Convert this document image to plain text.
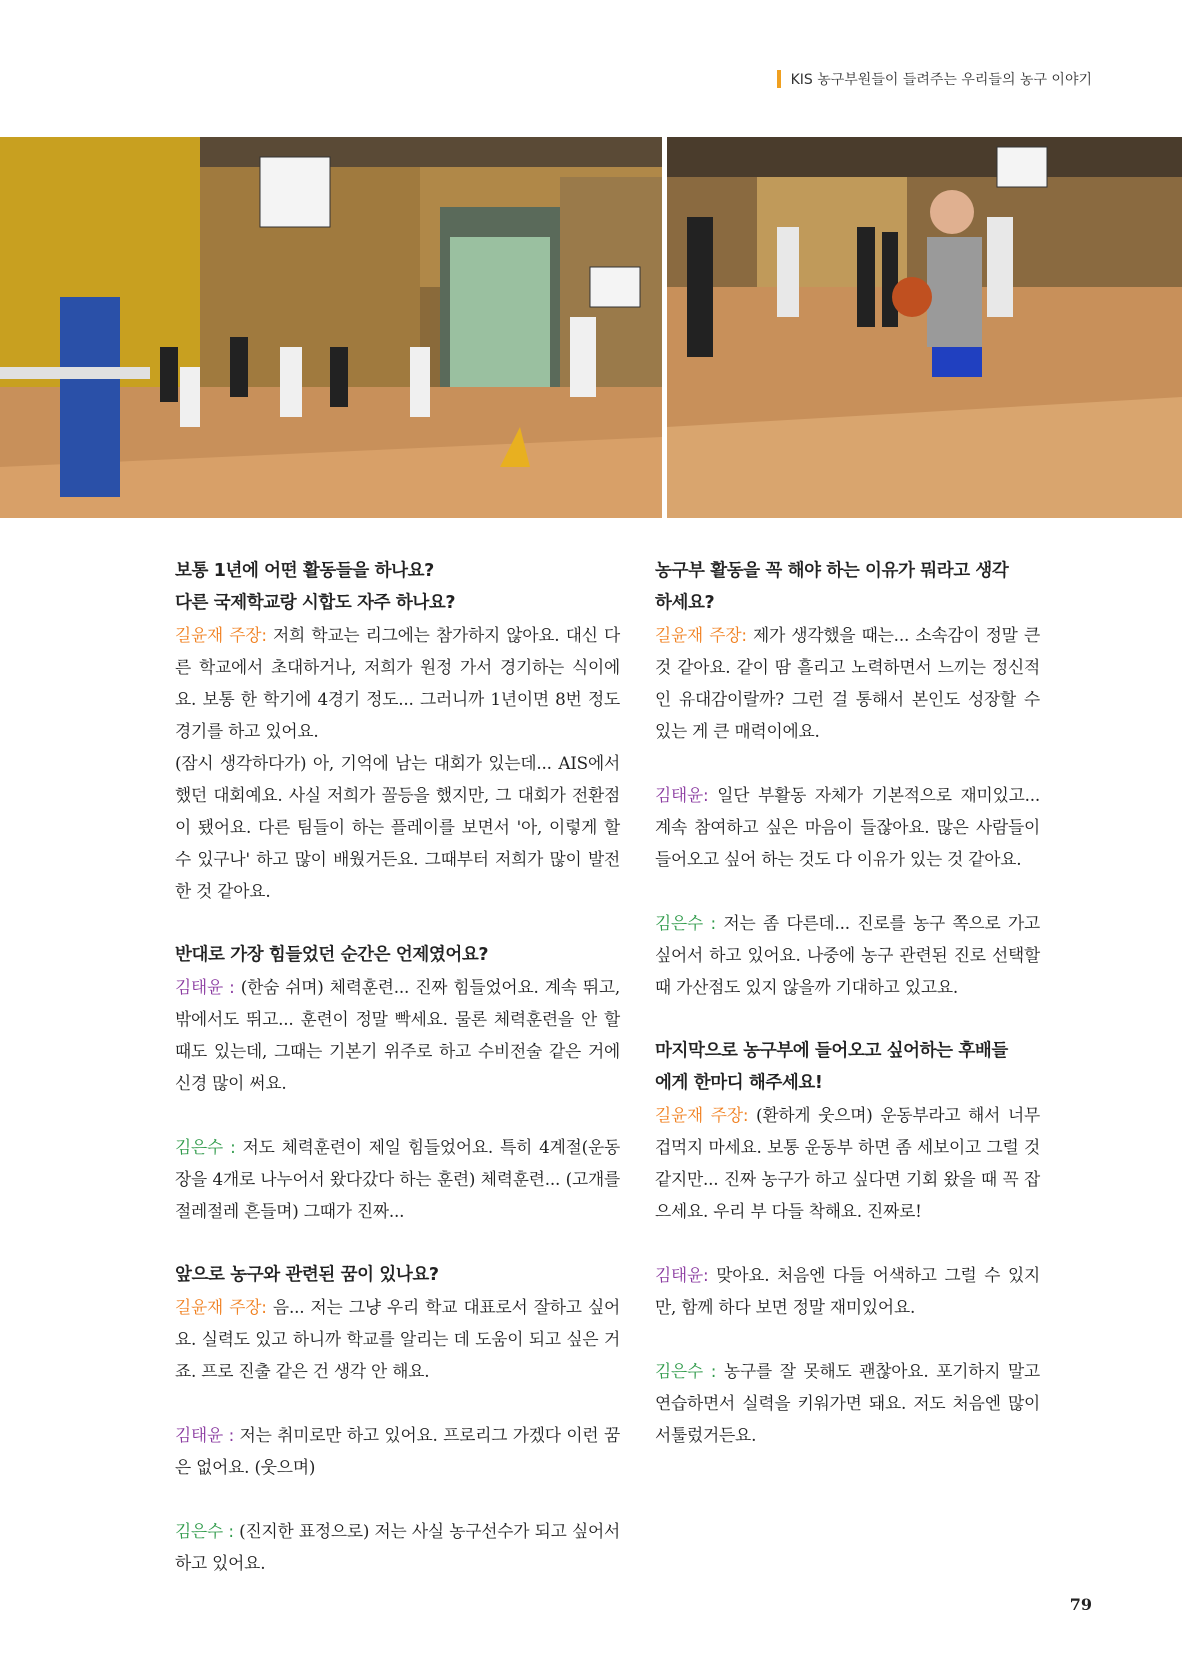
KIS 농구부원들이 들려주는 우리들의 농구 이야기

보통 1년에 어떤 활동들을 하나요?

다른 국제학교랑 시합도 자주 하나요?

길윤재 주장: 저희 학교는 리그에는 참가하지 않아요. 대신 다른 학교에서 초대하거나, 저희가 원정 가서 경기하는 식이에요. 보통 한 학기에 4경기 정도... 그러니까 1년이면 8번 정도 경기를 하고 있어요.

(잠시 생각하다가) 아, 기억에 남는 대회가 있는데... AIS에서 했던 대회예요. 사실 저희가 꼴등을 했지만, 그 대회가 전환점이 됐어요. 다른 팀들이 하는 플레이를 보면서 '아, 이렇게 할 수 있구나' 하고 많이 배웠거든요. 그때부터 저희가 많이 발전한 것 같아요.

반대로 가장 힘들었던 순간은 언제였어요?

김태윤 : (한숨 쉬며) 체력훈련... 진짜 힘들었어요. 계속 뛰고, 밖에서도 뛰고... 훈련이 정말 빡세요. 물론 체력훈련을 안 할 때도 있는데, 그때는 기본기 위주로 하고 수비전술 같은 거에 신경 많이 써요.

김은수 : 저도 체력훈련이 제일 힘들었어요. 특히 4계절(운동장을 4개로 나누어서 왔다갔다 하는 훈련) 체력훈련... (고개를 절레절레 흔들며) 그때가 진짜...

앞으로 농구와 관련된 꿈이 있나요?

길윤재 주장: 음... 저는 그냥 우리 학교 대표로서 잘하고 싶어요. 실력도 있고 하니까 학교를 알리는 데 도움이 되고 싶은 거죠. 프로 진출 같은 건 생각 안 해요.

김태윤 : 저는 취미로만 하고 있어요. 프로리그 가겠다 이런 꿈은 없어요. (웃으며)

김은수 : (진지한 표정으로) 저는 사실 농구선수가 되고 싶어서 하고 있어요.

농구부 활동을 꼭 해야 하는 이유가 뭐라고 생각

하세요?

길윤재 주장: 제가 생각했을 때는... 소속감이 정말 큰 것 같아요. 같이 땀 흘리고 노력하면서 느끼는 정신적인 유대감이랄까? 그런 걸 통해서 본인도 성장할 수 있는 게 큰 매력이에요.

김태윤: 일단 부활동 자체가 기본적으로 재미있고... 계속 참여하고 싶은 마음이 들잖아요. 많은 사람들이 들어오고 싶어 하는 것도 다 이유가 있는 것 같아요.

김은수 : 저는 좀 다른데... 진로를 농구 쪽으로 가고 싶어서 하고 있어요. 나중에 농구 관련된 진로 선택할 때 가산점도 있지 않을까 기대하고 있고요.

마지막으로 농구부에 들어오고 싶어하는 후배들

에게 한마디 해주세요!

길윤재 주장: (환하게 웃으며) 운동부라고 해서 너무 겁먹지 마세요. 보통 운동부 하면 좀 세보이고 그럴 것 같지만... 진짜 농구가 하고 싶다면 기회 왔을 때 꼭 잡으세요. 우리 부 다들 착해요. 진짜로!

김태윤: 맞아요. 처음엔 다들 어색하고 그럴 수 있지만, 함께 하다 보면 정말 재미있어요.

김은수 : 농구를 잘 못해도 괜찮아요. 포기하지 말고 연습하면서 실력을 키워가면 돼요. 저도 처음엔 많이 서툴렀거든요.

79
